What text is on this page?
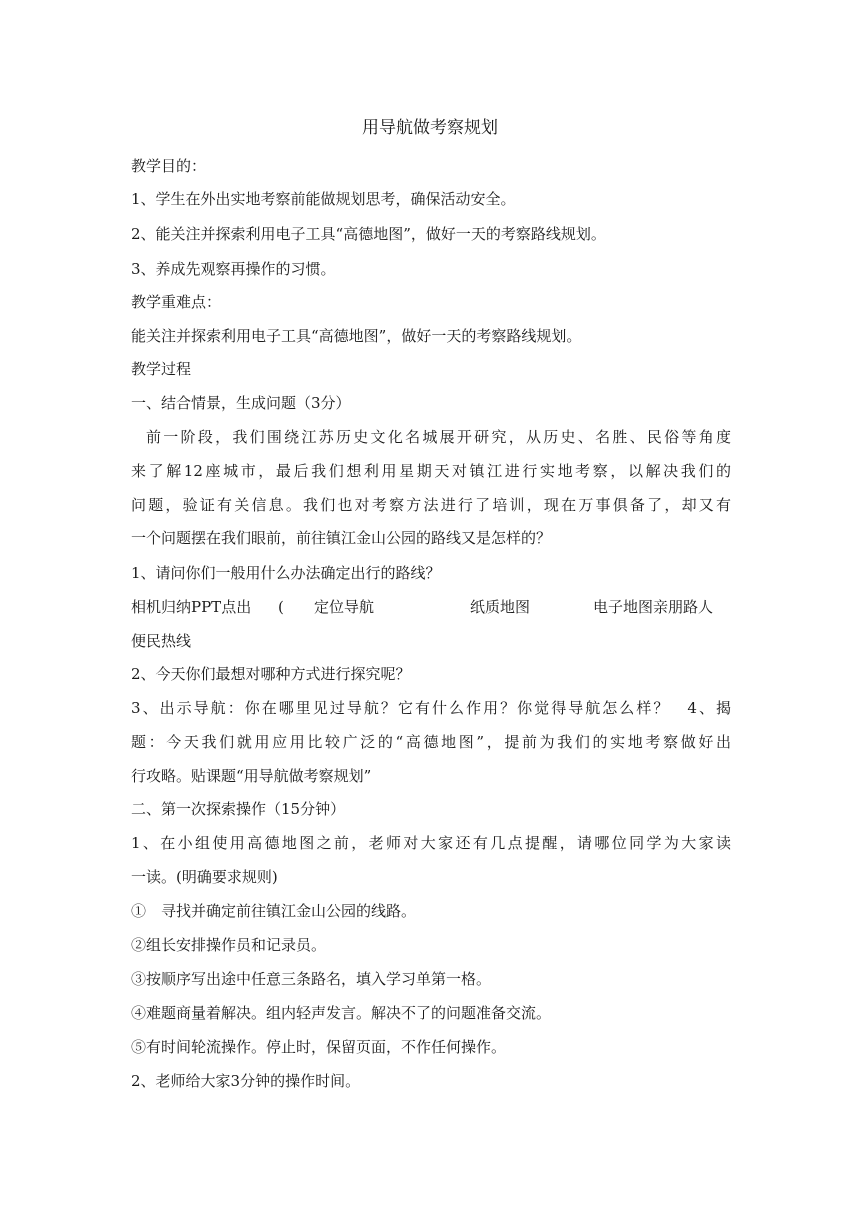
用导航做考察规划
教学目的：
1、学生在外出实地考察前能做规划思考，确保活动安全。
2、能关注并探索利用电子工具“高德地图”，做好一天的考察路线规划。
3、养成先观察再操作的习惯。
教学重难点：
能关注并探索利用电子工具“高德地图”，做好一天的考察路线规划。
教学过程
一、结合情景，生成问题（3分）
前一阶段，我们围绕江苏历史文化名城展开研究，从历史、名胜、民俗等角度
来了解12座城市，最后我们想利用星期天对镇江进行实地考察，以解决我们的
问题，验证有关信息。我们也对考察方法进行了培训，现在万事俱备了，却又有
一个问题摆在我们眼前，前往镇江金山公园的路线又是怎样的？
1、请问你们一般用什么办法确定出行的路线？
相机归纳PPT点出 ( 定位导航	纸质地图	电子地图亲朋路人
便民热线
2、今天你们最想对哪种方式进行探究呢？
3、出示导航：你在哪里见过导航？它有什么作用？你觉得导航怎么样？　4、揭
题：今天我们就用应用比较广泛的“高德地图”，提前为我们的实地考察做好出
行攻略。贴课题“用导航做考察规划”
二、第一次探索操作（15分钟）
1、在小组使用高德地图之前，老师对大家还有几点提醒，请哪位同学为大家读
一读。(明确要求规则)
①　寻找并确定前往镇江金山公园的线路。
②组长安排操作员和记录员。
③按顺序写出途中任意三条路名，填入学习单第一格。
④难题商量着解决。组内轻声发言。解决不了的问题准备交流。
⑤有时间轮流操作。停止时，保留页面，不作任何操作。
2、老师给大家3分钟的操作时间。
